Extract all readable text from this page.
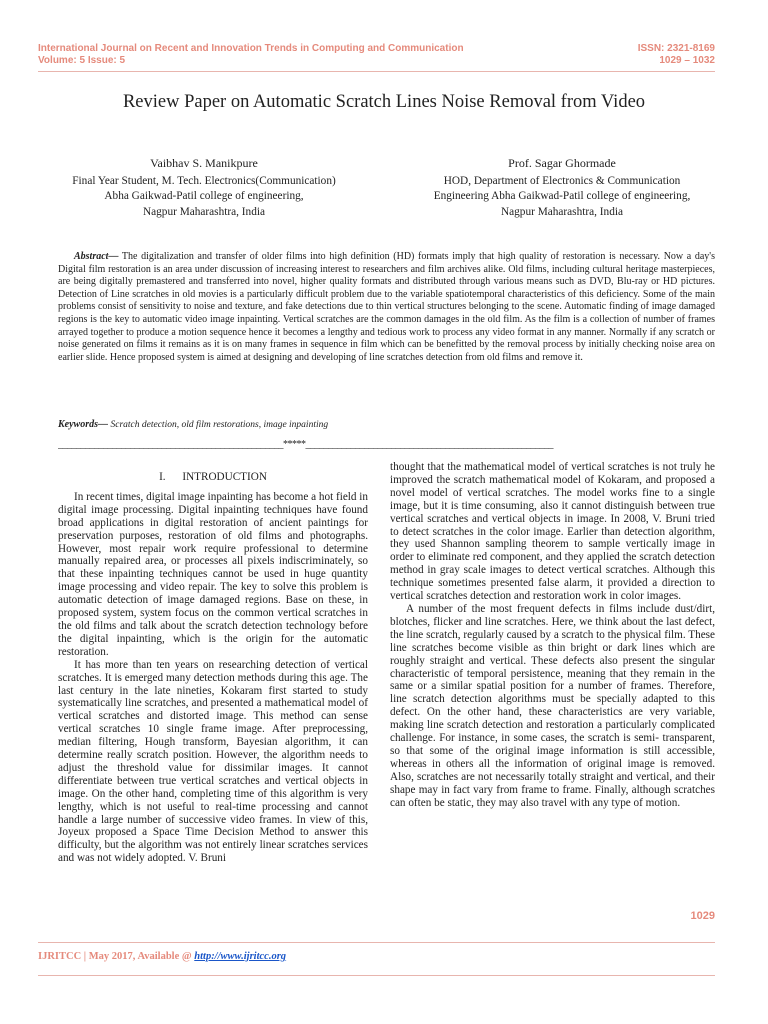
International Journal on Recent and Innovation Trends in Computing and Communication
Volume: 5 Issue: 5
ISSN: 2321-8169
1029 – 1032
Review Paper on Automatic Scratch Lines Noise Removal from Video
Vaibhav S. Manikpure
Final Year Student, M. Tech. Electronics(Communication)
Abha Gaikwad-Patil college of engineering,
Nagpur Maharashtra, India
Prof. Sagar Ghormade
HOD, Department of Electronics & Communication
Engineering Abha Gaikwad-Patil college of engineering,
Nagpur Maharashtra, India
Abstract— The digitalization and transfer of older films into high definition (HD) formats imply that high quality of restoration is necessary. Now a day's Digital film restoration is an area under discussion of increasing interest to researchers and film archives alike. Old films, including cultural heritage masterpieces, are being digitally premastered and transferred into novel, higher quality formats and distributed through various means such as DVD, Blu-ray or HD pictures. Detection of Line scratches in old movies is a particularly difficult problem due to the variable spatiotemporal characteristics of this deficiency. Some of the main problems consist of sensitivity to noise and texture, and fake detections due to thin vertical structures belonging to the scene. Automatic finding of image damaged regions is the key to automatic video image inpainting. Vertical scratches are the common damages in the old film. As the film is a collection of number of frames arrayed together to produce a motion sequence hence it becomes a lengthy and tedious work to process any video format in any manner. Normally if any scratch or noise generated on films it remains as it is on many frames in sequence in film which can be benefitted by the removal process by initially checking noise area on earlier slide. Hence proposed system is aimed at designing and developing of line scratches detection from old films and remove it.
Keywords— Scratch detection, old film restorations, image inpainting
__________________________________________________*****_______________________________________________________
I.      INTRODUCTION

In recent times, digital image inpainting has become a hot field in digital image processing. Digital inpainting techniques have found broad applications in digital restoration of ancient paintings for preservation purposes, restoration of old films and photographs. However, most repair work require professional to determine manually repaired area, or processes all pixels indiscriminately, so that these inpainting techniques cannot be used in huge quantity image processing and video repair. The key to solve this problem is automatic detection of image damaged regions. Base on these, in proposed system, system focus on the common vertical scratches in the old films and talk about the scratch detection technology before the digital inpainting, which is the origin for the automatic restoration.

It has more than ten years on researching detection of vertical scratches. It is emerged many detection methods during this age. The last century in the late nineties, Kokaram first started to study systematically line scratches, and presented a mathematical model of vertical scratches and distorted image. This method can sense vertical scratches 10 single frame image. After preprocessing, median filtering, Hough transform, Bayesian algorithm, it can determine really scratch position. However, the algorithm needs to adjust the threshold value for dissimilar images. It cannot differentiate between true vertical scratches and vertical objects in image. On the other hand, completing time of this algorithm is very lengthy, which is not useful to real-time processing and cannot handle a large number of successive video frames. In view of this, Joyeux proposed a Space Time Decision Method to answer this difficulty, but the algorithm was not entirely linear scratches services and was not widely adopted. V. Bruni

thought that the mathematical model of vertical scratches is not truly he improved the scratch mathematical model of Kokaram, and proposed a novel model of vertical scratches. The model works fine to a single image, but it is time consuming, also it cannot distinguish between true vertical scratches and vertical objects in image. In 2008, V. Bruni tried to detect scratches in the color image. Earlier than detection algorithm, they used Shannon sampling theorem to sample vertically image in order to eliminate red component, and they applied the scratch detection method in gray scale images to detect vertical scratches. Although this technique sometimes presented false alarm, it provided a direction to vertical scratches detection and restoration work in color images.

A number of the most frequent defects in films include dust/dirt, blotches, flicker and line scratches. Here, we think about the last defect, the line scratch, regularly caused by a scratch to the physical film. These line scratches become visible as thin bright or dark lines which are roughly straight and vertical. These defects also present the singular characteristic of temporal persistence, meaning that they remain in the same or a similar spatial position for a number of frames. Therefore, line scratch detection algorithms must be specially adapted to this defect. On the other hand, these characteristics are very variable, making line scratch detection and restoration a particularly complicated challenge. For instance, in some cases, the scratch is semi- transparent, so that some of the original image information is still accessible, whereas in others all the information of original image is removed. Also, scratches are not necessarily totally straight and vertical, and their shape may in fact vary from frame to frame. Finally, although scratches can often be static, they may also travel with any type of motion.

1029
IJRITCC | May 2017, Available @ http://www.ijritcc.org
